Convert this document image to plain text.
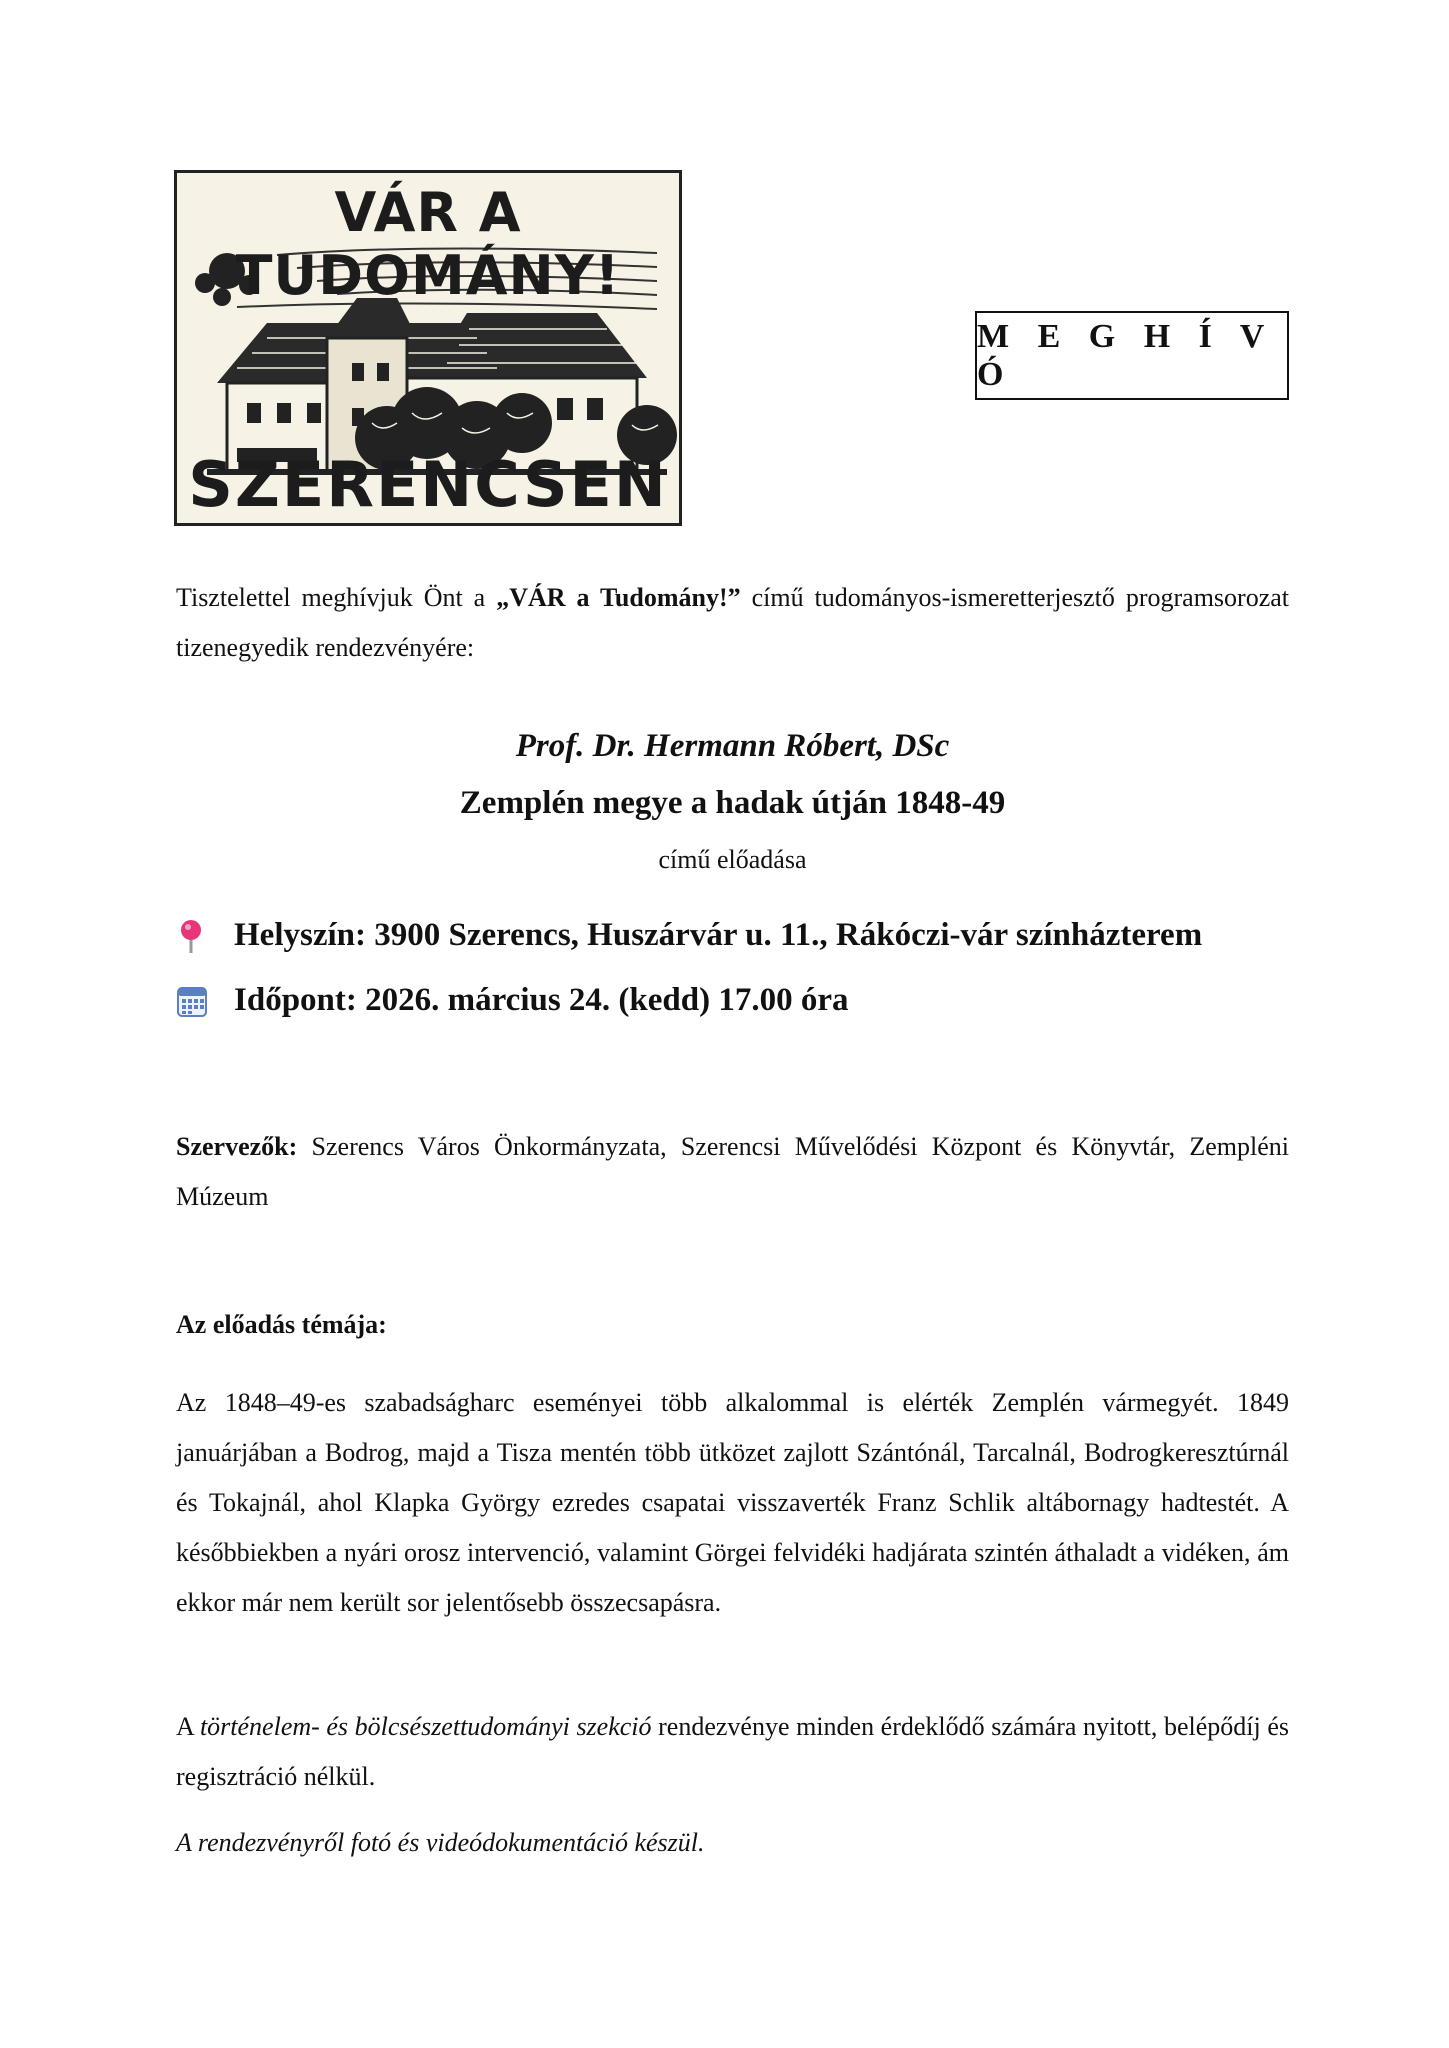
VÁR A TUDOMÁNY!
SZERENCSEN
M E G H Í V Ó
Tisztelettel meghívjuk Önt a „VÁR a Tudomány!” című tudományos-ismeretterjesztő programsorozat tizenegyedik rendezvényére:
Prof. Dr. Hermann Róbert, DSc
Zemplén megye a hadak útján 1848-49
című előadása
Helyszín: 3900 Szerencs, Huszárvár u. 11., Rákóczi-vár színházterem
Időpont: 2026. március 24. (kedd) 17.00 óra
Szervezők: Szerencs Város Önkormányzata, Szerencsi Művelődési Központ és Könyvtár, Zempléni Múzeum
Az előadás témája:
Az 1848–49-es szabadságharc eseményei több alkalommal is elérték Zemplén vármegyét. 1849 januárjában a Bodrog, majd a Tisza mentén több ütközet zajlott Szántónál, Tarcalnál, Bodrogkeresztúrnál és Tokajnál, ahol Klapka György ezredes csapatai visszaverték Franz Schlik altábornagy hadtestét. A későbbiekben a nyári orosz intervenció, valamint Görgei felvidéki hadjárata szintén áthaladt a vidéken, ám ekkor már nem került sor jelentősebb összecsapásra.
A történelem- és bölcsészettudományi szekció rendezvénye minden érdeklődő számára nyitott, belépődíj és regisztráció nélkül.
A rendezvényről fotó és videódokumentáció készül.
